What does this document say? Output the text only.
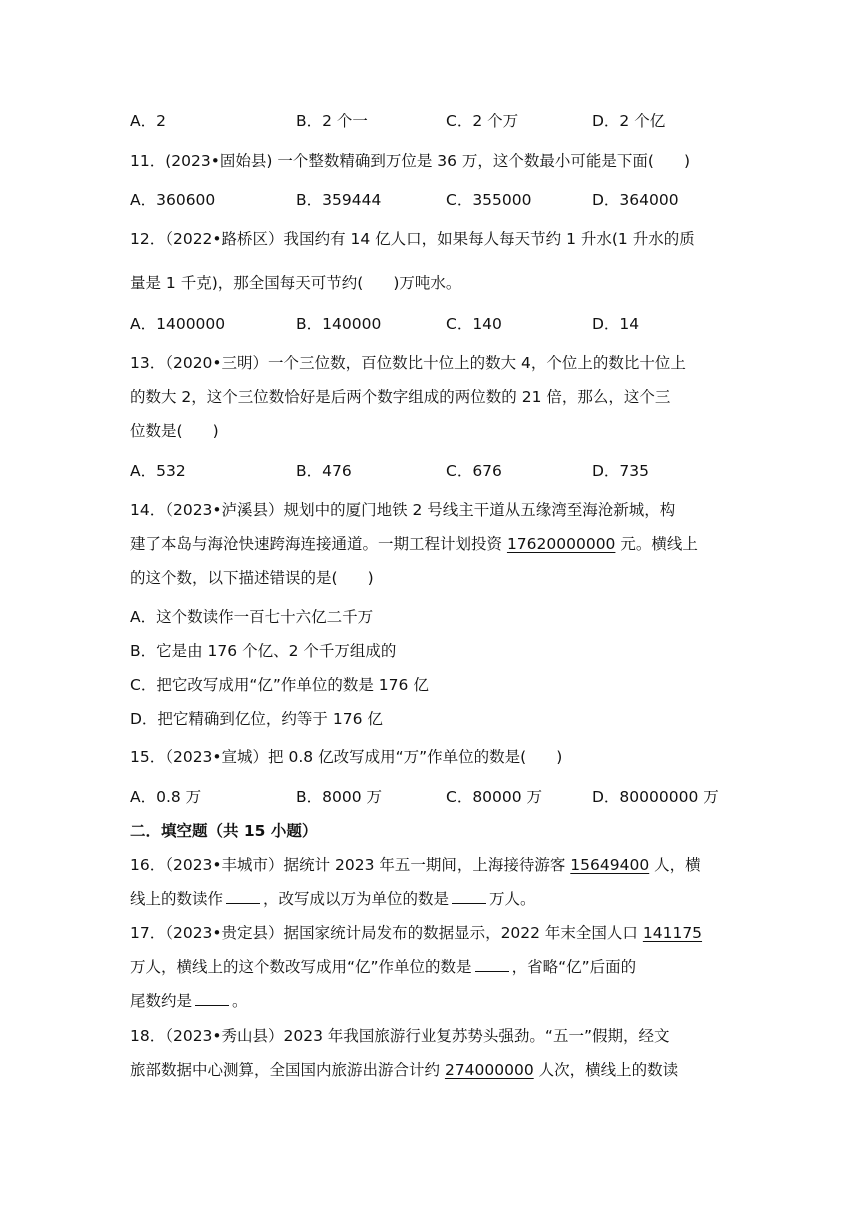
A．2	B．2 个一	C．2 个万	D．2 个亿
11．(2023•固始县) 一个整数精确到万位是 36 万，这个数最小可能是下面( )
A．360600	B．359444	C．355000	D．364000
12．（2022•路桥区）我国约有 14 亿人口，如果每人每天节约 1 升水(1 升水的质
量是 1 千克)，那全国每天可节约( )万吨水。
A．1400000	B．140000	C．140	D．14
13．（2020•三明）一个三位数，百位数比十位上的数大 4，个位上的数比十位上
的数大 2，这个三位数恰好是后两个数字组成的两位数的 21 倍，那么，这个三
位数是( )
A．532	B．476	C．676	D．735
14．（2023•泸溪县）规划中的厦门地铁 2 号线主干道从五缘湾至海沧新城，构
建了本岛与海沧快速跨海连接通道。一期工程计划投资 17620000000 元。横线上
的这个数，以下描述错误的是( )
A．这个数读作一百七十六亿二千万
B．它是由 176 个亿、2 个千万组成的
C．把它改写成用“亿”作单位的数是 176 亿
D．把它精确到亿位，约等于 176 亿
15．（2023•宣城）把 0.8 亿改写成用“万”作单位的数是( )
A．0.8 万	B．8000 万	C．80000 万	D．80000000 万
二．填空题（共 15 小题）
16．（2023•丰城市）据统计 2023 年五一期间，上海接待游客 15649400 人，横
线上的数读作	，改写成以万为单位的数是	万人。
17．（2023•贵定县）据国家统计局发布的数据显示，2022 年末全国人口 141175
万人，横线上的这个数改写成用“亿”作单位的数是	，省略“亿”后面的
尾数约是	。
18．（2023•秀山县）2023 年我国旅游行业复苏势头强劲。“五一”假期，经文
旅部数据中心测算，全国国内旅游出游合计约 274000000 人次，横线上的数读
